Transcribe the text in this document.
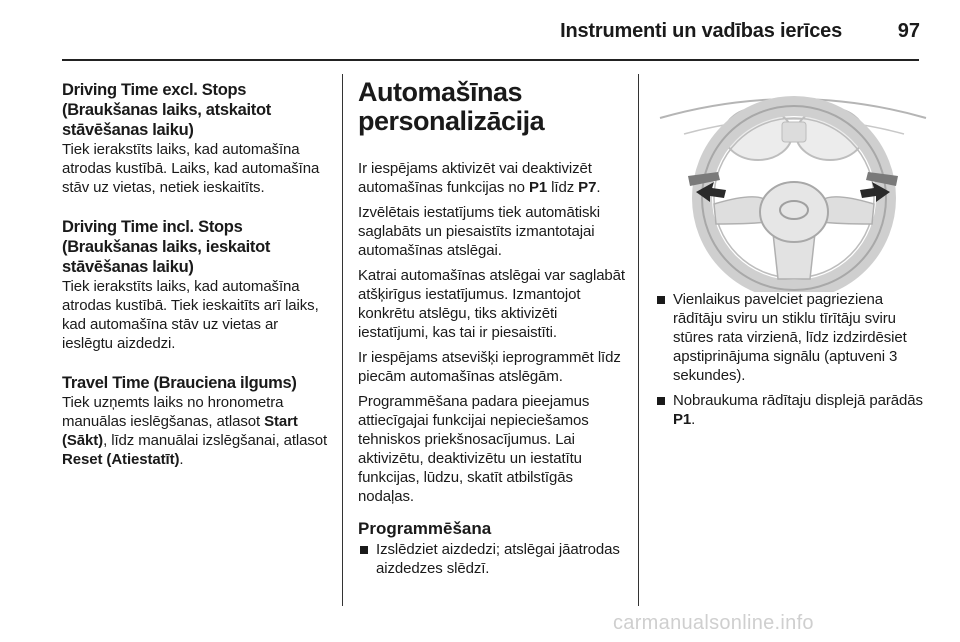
Instrumenti un vadības ierīces	97
Driving Time excl. Stops (Braukšanas laiks, atskaitot stāvēšanas laiku)
Tiek ierakstīts laiks, kad automašīna atrodas kustībā. Laiks, kad automašīna stāv uz vietas, netiek ieskaitīts.
Driving Time incl. Stops (Braukšanas laiks, ieskaitot stāvēšanas laiku)
Tiek ierakstīts laiks, kad automašīna atrodas kustībā. Tiek ieskaitīts arī laiks, kad automašīna stāv uz vietas ar ieslēgtu aizdedzi.
Travel Time (Brauciena ilgums)
Tiek uzņemts laiks no hronometra manuālas ieslēgšanas, atlasot Start (Sākt), līdz manuālai izslēgšanai, atlasot Reset (Atiestatīt).
Automašīnas personalizācija
Ir iespējams aktivizēt vai deaktivizēt automašīnas funkcijas no P1 līdz P7.
Izvēlētais iestatījums tiek automātiski saglabāts un piesaistīts izmantotajai automašīnas atslēgai.
Katrai automašīnas atslēgai var saglabāt atšķirīgus iestatījumus. Izmantojot konkrētu atslēgu, tiks aktivizēti iestatījumi, kas tai ir piesaistīti.
Ir iespējams atsevišķi ieprogrammēt līdz piecām automašīnas atslēgām.
Programmēšana padara pieejamus attiecīgajai funkcijai nepieciešamos tehniskos priekšnosacījumus. Lai aktivizētu, deaktivizētu un iestatītu funkcijas, lūdzu, skatīt atbilstīgās nodaļas.
Programmēšana
Izslēdziet aizdedzi; atslēgai jāatrodas aizdedzes slēdzī.
Vienlaikus pavelciet pagrieziena rādītāju sviru un stiklu tīrītāju sviru stūres rata virzienā, līdz izdzirdēsiet apstiprinājuma signālu (aptuveni 3 sekundes).
Nobraukuma rādītaju displejā parādās P1.
carmanualsonline.info
